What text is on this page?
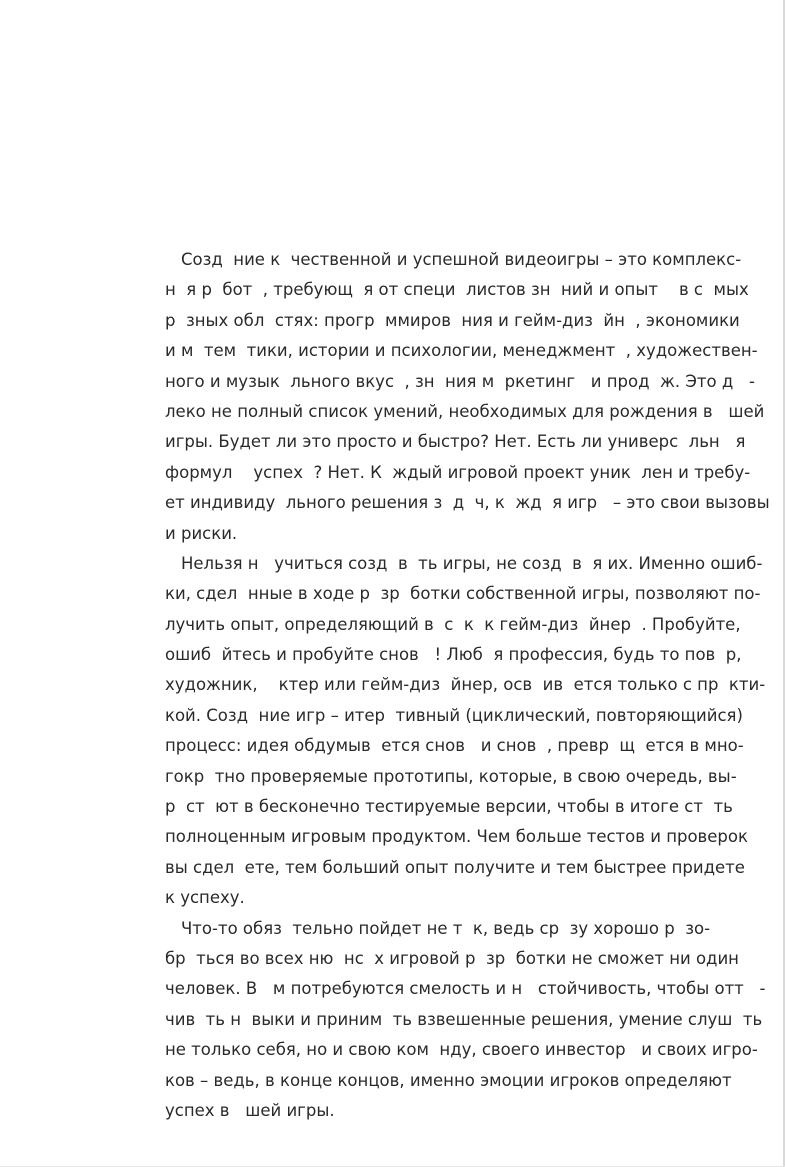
Созд  ние к  чественной и успешной видеоигры – это комплекс-
н  я р  бот  , требующ  я от специ  листов зн  ний и опыт    в с  мых
р  зных обл  стях: прогр  ммиров  ния и гейм-диз  йн  , экономики
и м  тем  тики, истории и психологии, менеджмент  , художествен-
ного и музык  льного вкус  , зн  ния м  ркетинг   и прод  ж. Это д   -
леко не полный список умений, необходимых для рождения в   шей
игры. Будет ли это просто и быстро? Нет. Есть ли универс  льн   я
формул    успех  ? Нет. К  ждый игровой проект уник  лен и требу-
ет индивиду  льного решения з  д  ч, к  жд  я игр   – это свои вызовы
и риски.
Нельзя н   учиться созд  в  ть игры, не созд  в  я их. Именно ошиб-
ки, сдел  нные в ходе р  зр  ботки собственной игры, позволяют по-
лучить опыт, определяющий в  с  к  к гейм-диз  йнер  . Пробуйте,
ошиб  йтесь и пробуйте снов   ! Люб  я профессия, будь то пов  р,
художник,    ктер или гейм-диз  йнер, осв  ив  ется только с пр  кти-
кой. Созд  ние игр – итер  тивный (циклический, повторяющийся)
процесс: идея обдумыв  ется снов   и снов  , превр  щ  ется в мно-
гокр  тно проверяемые прототипы, которые, в свою очередь, вы-
р  ст  ют в бесконечно тестируемые версии, чтобы в итоге ст  ть
полноценным игровым продуктом. Чем больше тестов и проверок
вы сдел  ете, тем больший опыт получите и тем быстрее придете
к успеху.
Что-то обяз  тельно пойдет не т  к, ведь ср  зу хорошо р  зо-
бр  ться во всех ню  нс  х игровой р  зр  ботки не сможет ни один
человек. В   м потребуются смелость и н   стойчивость, чтобы отт   -
чив  ть н  выки и приним  ть взвешенные решения, умение слуш  ть
не только себя, но и свою ком  нду, своего инвестор   и своих игро-
ков – ведь, в конце концов, именно эмоции игроков определяют
успех в   шей игры.
